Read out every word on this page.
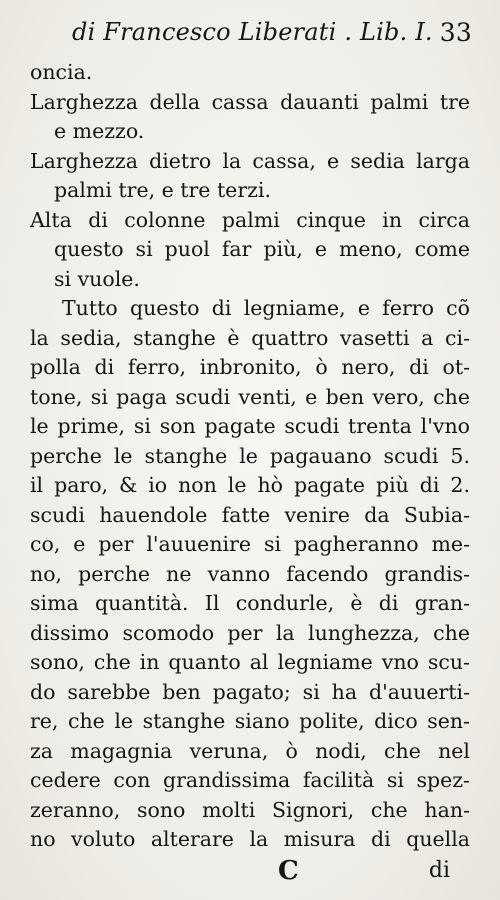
di Francesco Liberati . Lib. I. 33
oncia.
Larghezza della cassa dauanti palmi tre
e mezzo.
Larghezza dietro la cassa, e sedia larga
palmi tre, e tre terzi.
Alta di colonne palmi cinque in circa
questo si puol far più, e meno, come
si vuole.
Tutto questo di legniame, e ferro cõ
la sedia, stanghe è quattro vasetti a ci-
polla di ferro, inbronito, ò nero, di ot-
tone, si paga scudi venti, e ben vero, che
le prime, si son pagate scudi trenta l'vno
perche le stanghe le pagauano scudi 5.
il paro, & io non le hò pagate più di 2.
scudi hauendole fatte venire da Subia-
co, e per l'auuenire si pagheranno me-
no, perche ne vanno facendo grandis-
sima quantità. Il condurle, è di gran-
dissimo scomodo per la lunghezza, che
sono, che in quanto al legniame vno scu-
do sarebbe ben pagato; si ha d'auuerti-
re, che le stanghe siano polite, dico sen-
za magagnia veruna, ò nodi, che nel
cedere con grandissima facilità si spez-
zeranno, sono molti Signori, che han-
no voluto alterare la misura di quella
C	di
